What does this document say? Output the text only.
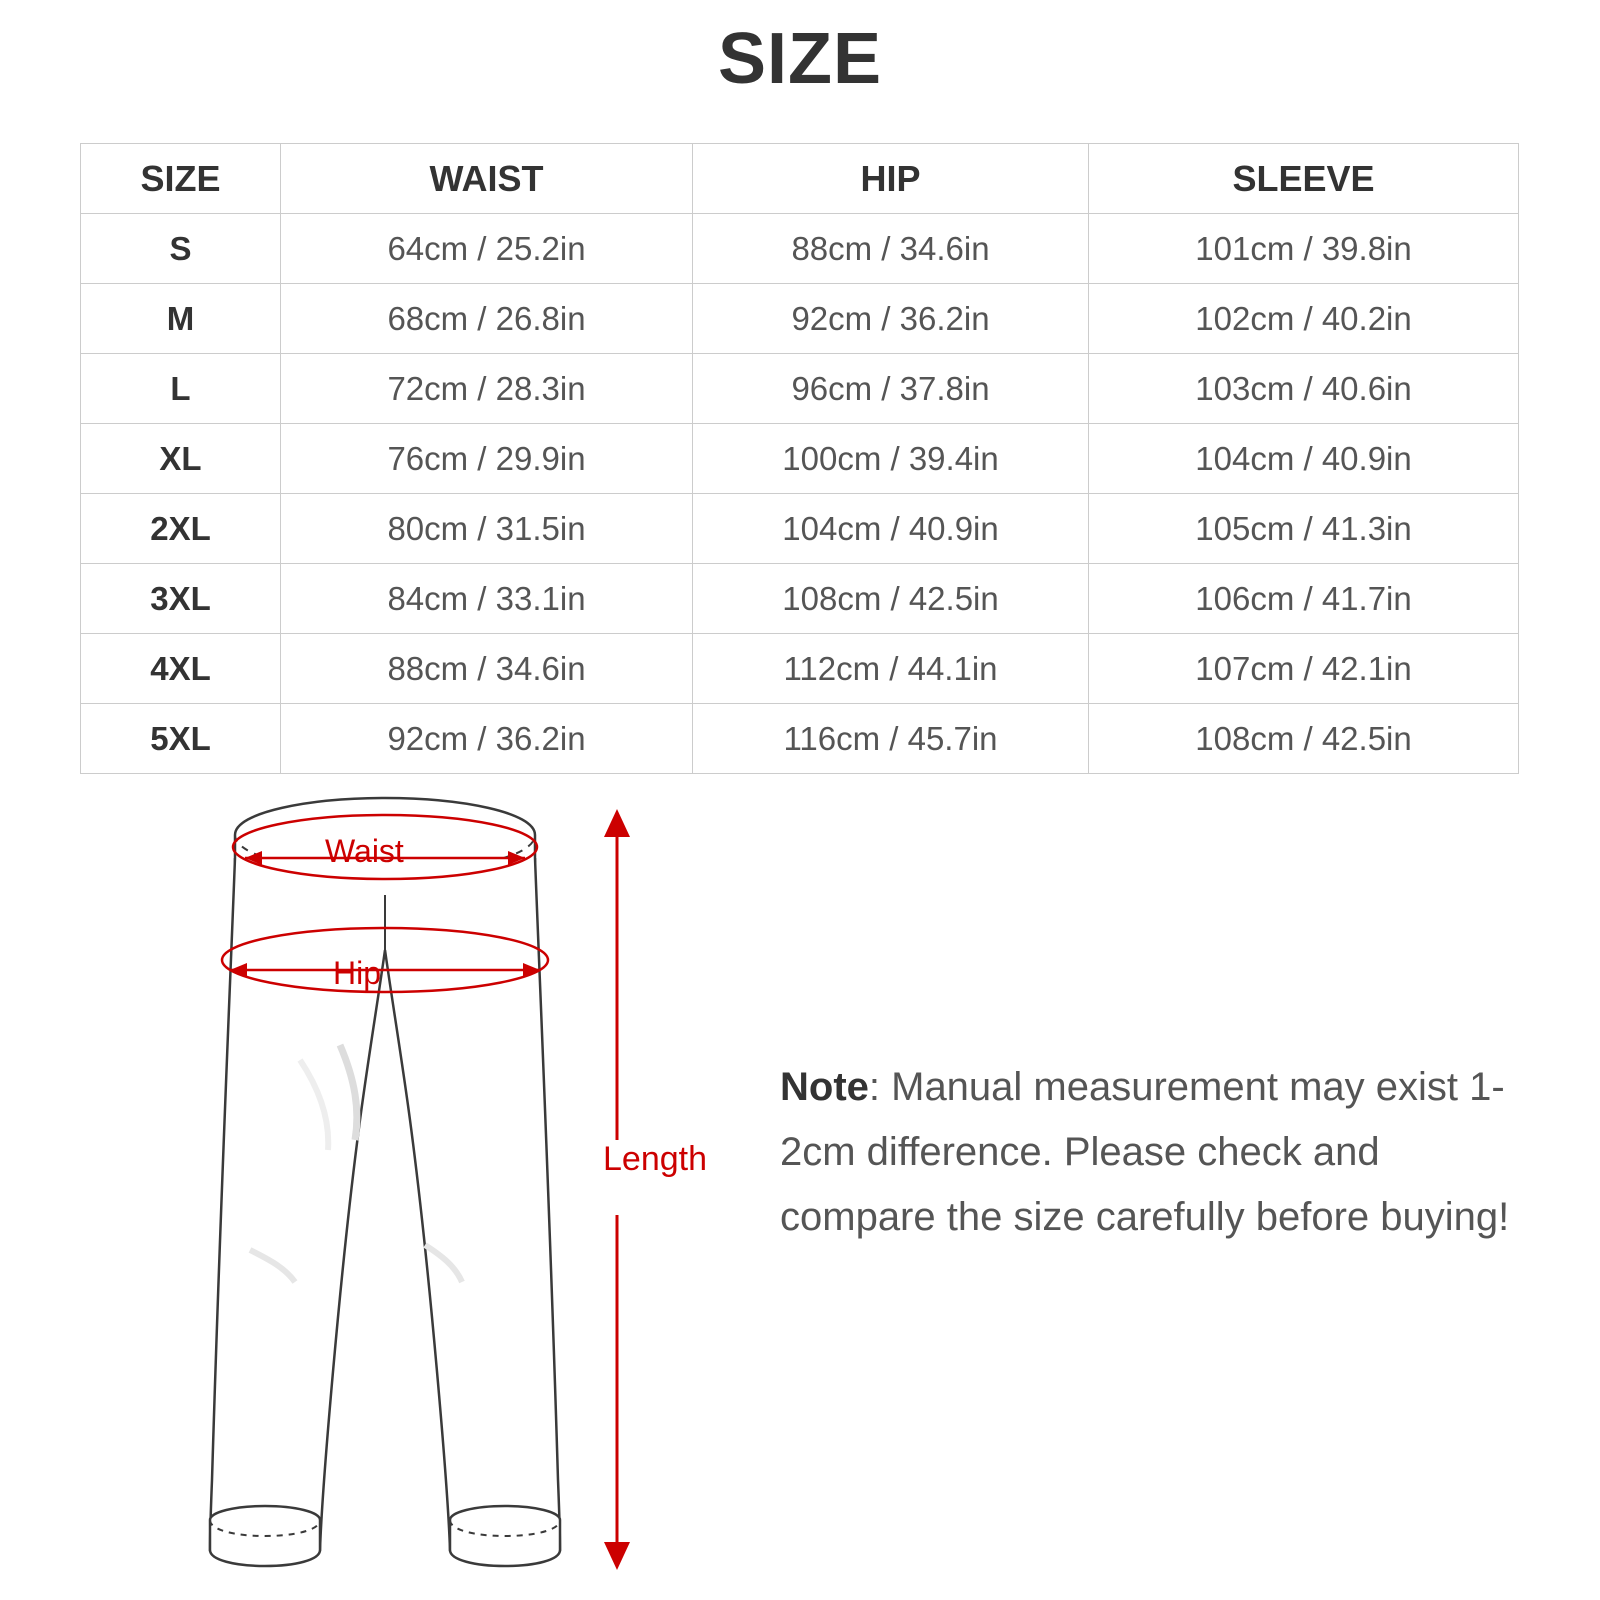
SIZE
SIZE	WAIST	HIP	SLEEVE
S	64cm / 25.2in	88cm / 34.6in	101cm / 39.8in
M	68cm / 26.8in	92cm / 36.2in	102cm / 40.2in
L	72cm / 28.3in	96cm / 37.8in	103cm / 40.6in
XL	76cm / 29.9in	100cm / 39.4in	104cm / 40.9in
2XL	80cm / 31.5in	104cm / 40.9in	105cm / 41.3in
3XL	84cm / 33.1in	108cm / 42.5in	106cm / 41.7in
4XL	88cm / 34.6in	112cm / 44.1in	107cm / 42.1in
5XL	92cm / 36.2in	116cm / 45.7in	108cm / 42.5in
Waist
Hip
Length
Note: Manual measurement may exist 1-2cm difference. Please check and compare the size carefully before buying!
